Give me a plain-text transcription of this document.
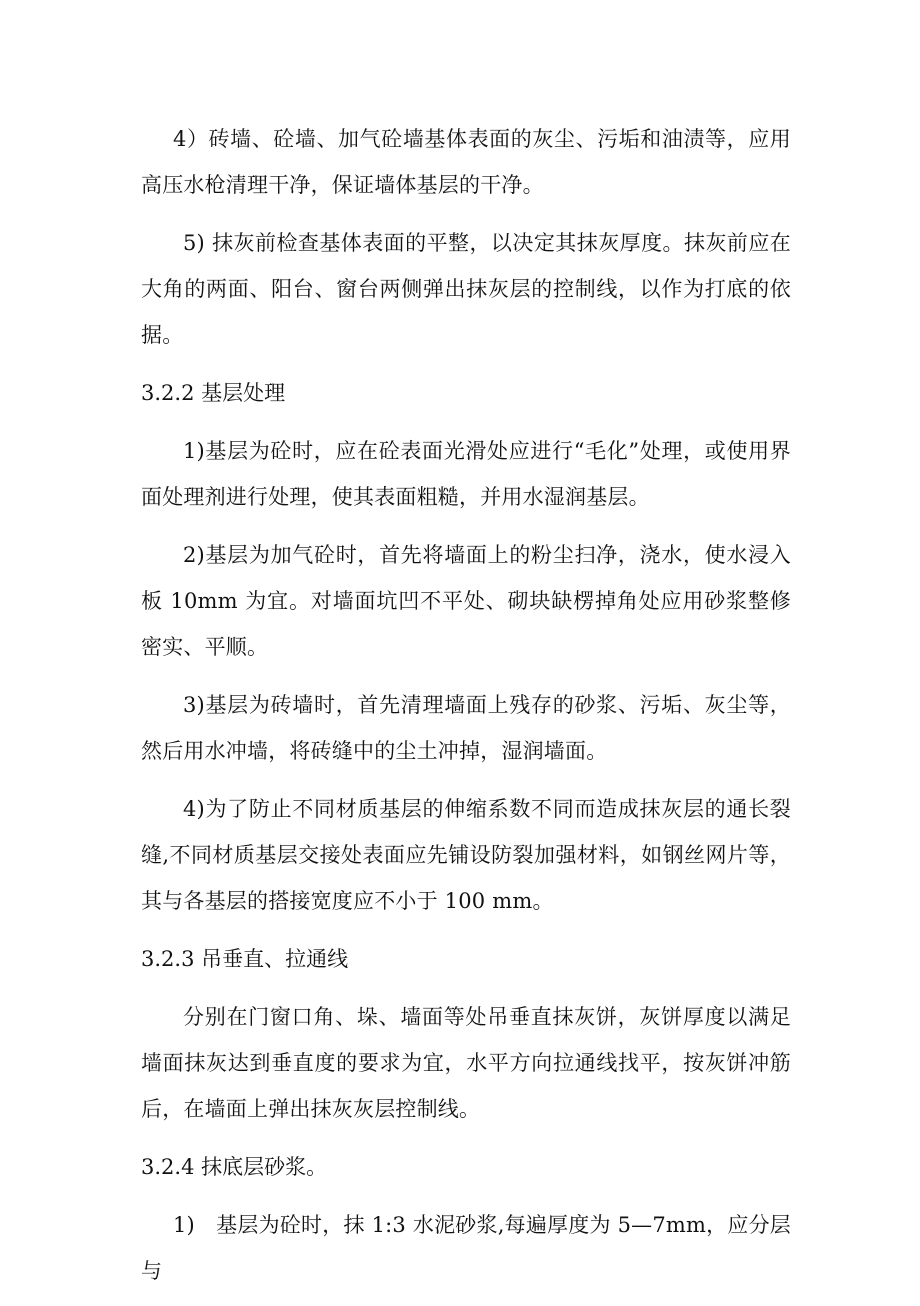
4）砖墙、砼墙、加气砼墙基体表面的灰尘、污垢和油渍等，应用高压水枪清理干净，保证墙体基层的干净。

5) 抹灰前检查基体表面的平整，以决定其抹灰厚度。抹灰前应在大角的两面、阳台、窗台两侧弹出抹灰层的控制线，以作为打底的依据。

3.2.2 基层处理

1)基层为砼时，应在砼表面光滑处应进行“毛化”处理，或使用界面处理剂进行处理，使其表面粗糙，并用水湿润基层。

2)基层为加气砼时，首先将墙面上的粉尘扫净，浇水，使水浸入板 10mm 为宜。对墙面坑凹不平处、砌块缺楞掉角处应用砂浆整修密实、平顺。

3)基层为砖墙时，首先清理墙面上残存的砂浆、污垢、灰尘等，然后用水冲墙，将砖缝中的尘土冲掉，湿润墙面。

4)为了防止不同材质基层的伸缩系数不同而造成抹灰层的通长裂缝,不同材质基层交接处表面应先铺设防裂加强材料，如钢丝网片等，其与各基层的搭接宽度应不小于 100 mm。

3.2.3 吊垂直、拉通线

分别在门窗口角、垛、墙面等处吊垂直抹灰饼，灰饼厚度以满足墙面抹灰达到垂直度的要求为宜，水平方向拉通线找平，按灰饼冲筋后，在墙面上弹出抹灰灰层控制线。

3.2.4 抹底层砂浆。

1)　基层为砼时，抹 1:3 水泥砂浆,每遍厚度为 5—7mm，应分层与
